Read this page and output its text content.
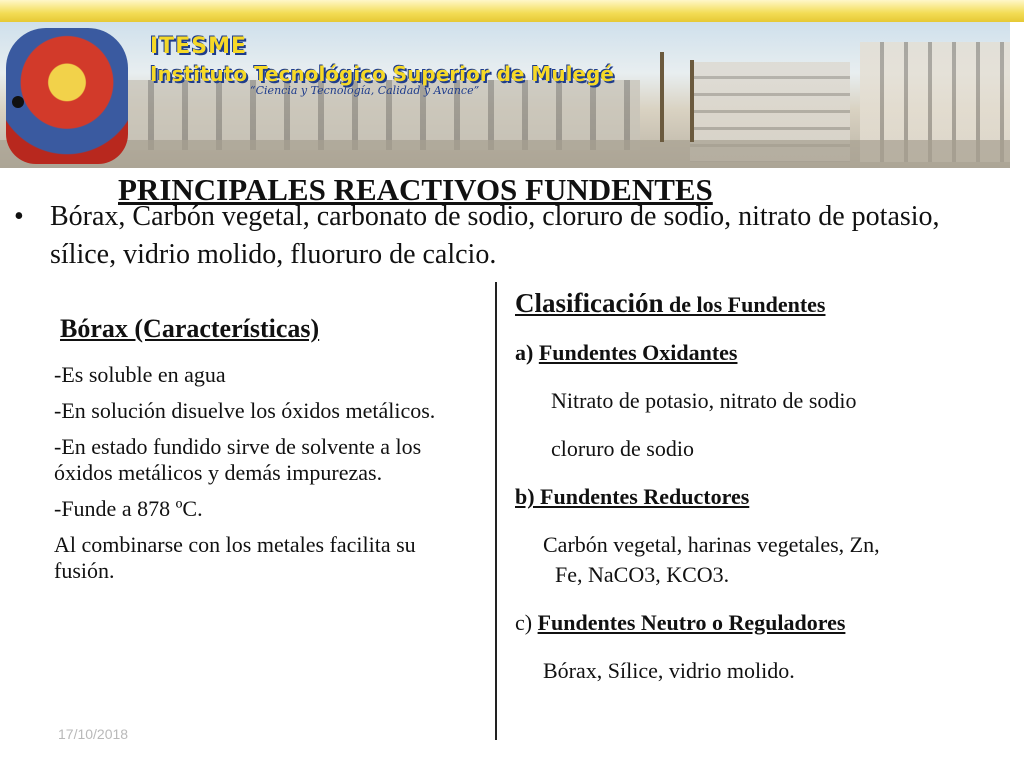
ITESME
Instituto Tecnológico Superior de Mulegé
“Ciencia y Tecnología, Calidad y Avance”
• Bórax, Carbón vegetal, carbonato de sodio, cloruro de sodio, nitrato de potasio, sílice, vidrio molido, fluoruro de calcio.
PRINCIPALES REACTIVOS FUNDENTES
Bórax (Características)

-Es soluble en agua

-En solución disuelve los óxidos metálicos.

-En estado fundido sirve de solvente a los óxidos metálicos y demás impurezas.

-Funde a 878 ºC.

Al combinarse con los metales facilita su fusión.

Clasificación de los Fundentes

a) Fundentes Oxidantes

Nitrato de potasio, nitrato de sodio

cloruro de sodio

b) Fundentes Reductores

Carbón vegetal, harinas vegetales, Zn,

Fe, NaCO3, KCO3.

c) Fundentes Neutro o Reguladores

Bórax, Sílice, vidrio molido.

17/10/2018
